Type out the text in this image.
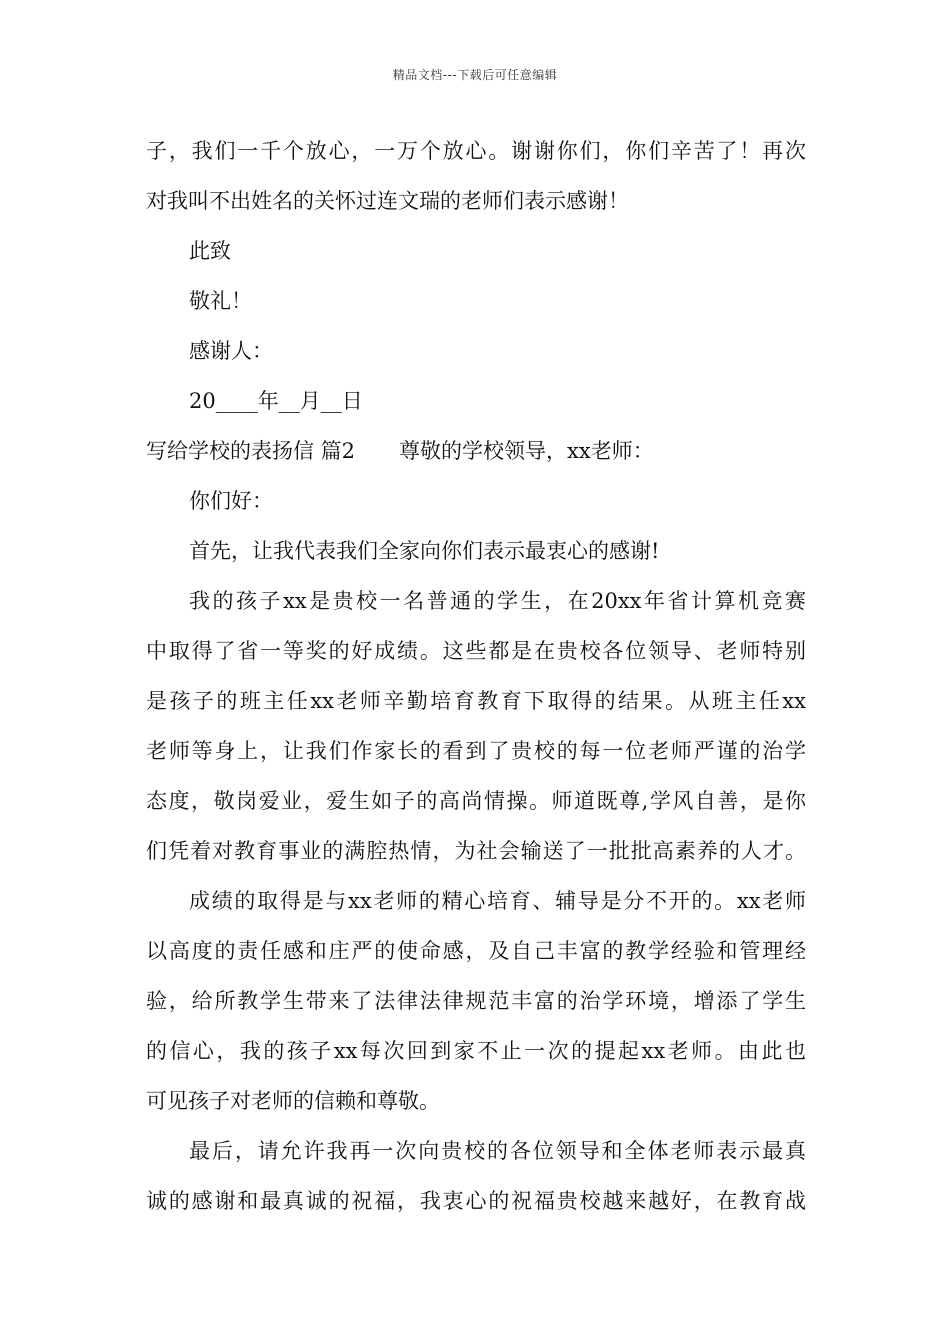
精品文档---下载后可任意编辑
子，我们一千个放心，一万个放心。谢谢你们，你们辛苦了！再次
对我叫不出姓名的关怀过连文瑞的老师们表示感谢！
此致
敬礼！
感谢人：
20____年__月__日
写给学校的表扬信 篇2 尊敬的学校领导，xx老师：
你们好：
首先，让我代表我们全家向你们表示最衷心的感谢!
我的孩子xx是贵校一名普通的学生，在20xx年省计算机竞赛
中取得了省一等奖的好成绩。这些都是在贵校各位领导、老师特别
是孩子的班主任xx老师辛勤培育教育下取得的结果。从班主任xx
老师等身上，让我们作家长的看到了贵校的每一位老师严谨的治学
态度，敬岗爱业，爱生如子的高尚情操。师道既尊,学风自善，是你
们凭着对教育事业的满腔热情，为社会输送了一批批高素养的人才。
成绩的取得是与xx老师的精心培育、辅导是分不开的。xx老师
以高度的责任感和庄严的使命感，及自己丰富的教学经验和管理经
验，给所教学生带来了法律法律规范丰富的治学环境，增添了学生
的信心，我的孩子xx每次回到家不止一次的提起xx老师。由此也
可见孩子对老师的信赖和尊敬。
最后，请允许我再一次向贵校的各位领导和全体老师表示最真
诚的感谢和最真诚的祝福，我衷心的祝福贵校越来越好，在教育战
